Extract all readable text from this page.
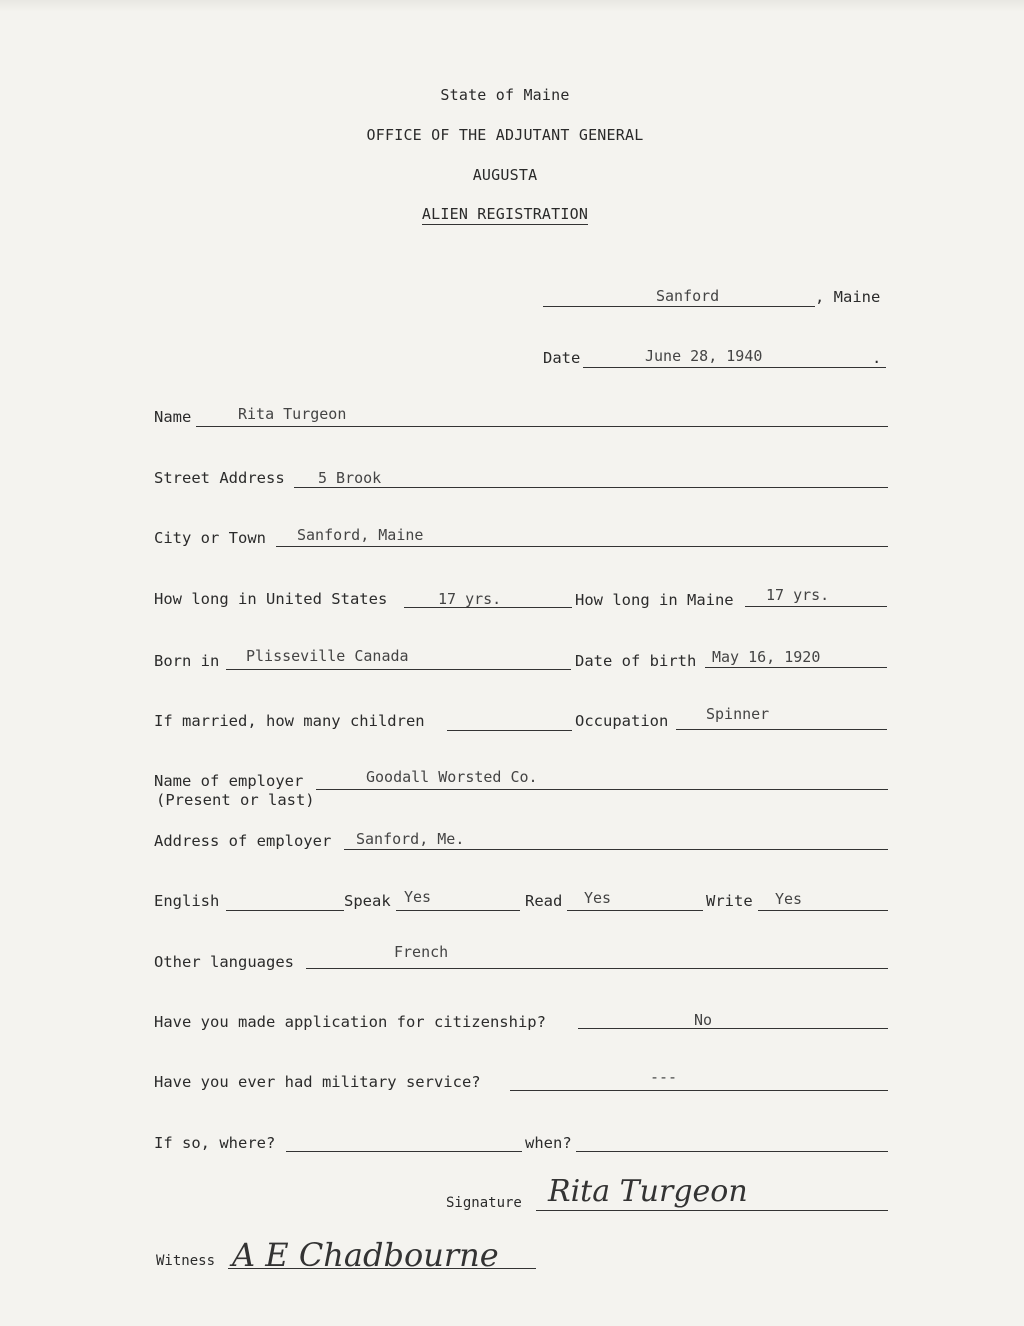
State of Maine
OFFICE OF THE ADJUTANT GENERAL
AUGUSTA
ALIEN REGISTRATION
Sanford	, Maine
Date	June 28, 1940	.
Name	Rita Turgeon
Street Address 5 Brook
City or Town Sanford, Maine
How long in United States	17 yrs.	How long in Maine 17 yrs.
Born in Plisseville Canada	Date of birth May 16, 1920
If married, how many children	Occupation	Spinner
Name of employer
(Present or last)
Goodall Worsted Co.
Address of employer Sanford, Me.
English	Speak Yes	Read Yes	Write Yes
Other languages
French
Have you made application for citizenship?	No
Have you ever had military service?	---
If so, where?	when?
Signature Rita Turgeon
Witness A E Chadbourne
